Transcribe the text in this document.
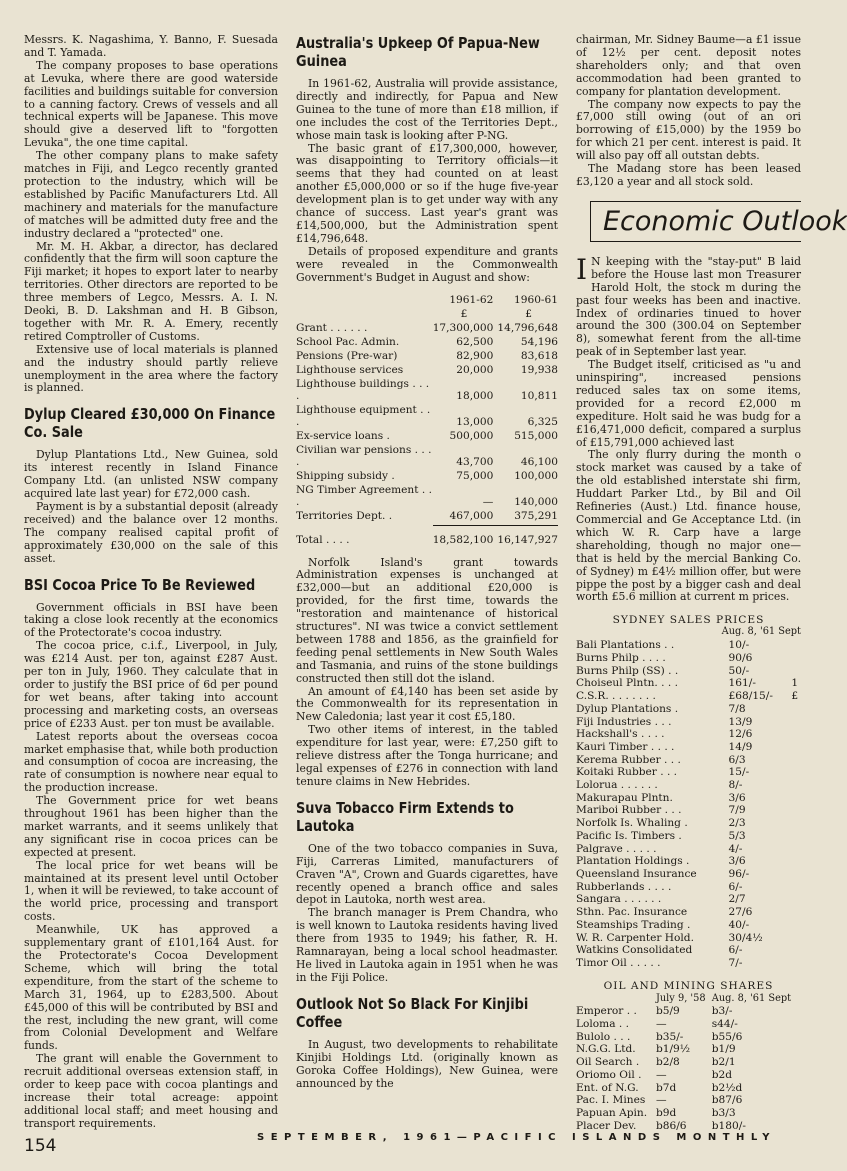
Messrs. K. Nagashima, Y. Banno, F. Suesada and T. Yamada.

The company proposes to base operations at Levuka, where there are good waterside facilities and buildings suitable for conversion to a canning factory. Crews of vessels and all technical experts will be Japanese. This move should give a deserved lift to "forgotten Levuka", the one time capital.

The other company plans to make safety matches in Fiji, and Legco recently granted protection to the industry, which will be established by Pacific Manufacturers Ltd. All machinery and materials for the manufacture of matches will be admitted duty free and the industry declared a "protected" one.

Mr. M. H. Akbar, a director, has declared confidently that the firm will soon capture the Fiji market; it hopes to export later to nearby territories. Other directors are reported to be three members of Legco, Messrs. A. I. N. Deoki, B. D. Lakshman and H. B Gibson, together with Mr. R. A. Emery, recently retired Comptroller of Customs.

Extensive use of local materials is planned and the industry should partly relieve unemployment in the area where the factory is planned.

Dylup Cleared £30,000 On Finance Co. Sale

Dylup Plantations Ltd., New Guinea, sold its interest recently in Island Finance Company Ltd. (an unlisted NSW company acquired late last year) for £72,000 cash.

Payment is by a substantial deposit (already received) and the balance over 12 months. The company realised capital profit of approximately £30,000 on the sale of this asset.

BSI Cocoa Price To Be Reviewed

Government officials in BSI have been taking a close look recently at the economics of the Protectorate's cocoa industry.

The cocoa price, c.i.f., Liverpool, in July, was £214 Aust. per ton, against £287 Aust. per ton in July, 1960. They calculate that in order to justify the BSI price of 6d per pound for wet beans, after taking into account processing and marketing costs, an overseas price of £233 Aust. per ton must be available.

Latest reports about the overseas cocoa market emphasise that, while both production and consumption of cocoa are increasing, the rate of consumption is nowhere near equal to the production increase.

The Government price for wet beans throughout 1961 has been higher than the market warrants, and it seems unlikely that any significant rise in cocoa prices can be expected at present.

The local price for wet beans will be maintained at its present level until October 1, when it will be reviewed, to take account of the world price, processing and transport costs.

Meanwhile, UK has approved a supplementary grant of £101,164 Aust. for the Protectorate's Cocoa Development Scheme, which will bring the total expenditure, from the start of the scheme to March 31, 1964, up to £283,500. About £45,000 of this will be contributed by BSI and the rest, including the new grant, will come from Colonial Development and Welfare funds.

The grant will enable the Government to recruit additional overseas extension staff, in order to keep pace with cocoa plantings and increase their total acreage: appoint additional local staff; and meet housing and transport requirements.

Australia's Upkeep Of Papua-New Guinea

In 1961-62, Australia will provide assistance, directly and indirectly, for Papua and New Guinea to the tune of more than £18 million, if one includes the cost of the Territories Dept., whose main task is looking after P-NG.

The basic grant of £17,300,000, however, was disappointing to Territory officials—it seems that they had counted on at least another £5,000,000 or so if the huge five-year development plan is to get under way with any chance of success. Last year's grant was £14,500,000, but the Administration spent £14,796,648.

Details of proposed expenditure and grants were revealed in the Commonwealth Government's Budget in August and show:

	1961-62	1960-61
	£	£
Grant . . . . . .	17,300,000	14,796,648
School Pac. Admin.	62,500	54,196
Pensions (Pre-war)	82,900	83,618
Lighthouse services	20,000	19,938
Lighthouse buildings . . . .	18,000	10,811
Lighthouse equipment . . .	13,000	6,325
Ex-service loans .	500,000	515,000
Civilian war pensions . . . .	43,700	46,100
Shipping subsidy .	75,000	100,000
NG Timber Agreement . . .	—	140,000
Territories Dept. .	467,000	375,291

Total . . . .	18,582,100	16,147,927

Norfolk Island's grant towards Administration expenses is unchanged at £32,000—but an additional £20,000 is provided, for the first time, towards the "restoration and maintenance of historical structures". NI was twice a convict settlement between 1788 and 1856, as the grainfield for feeding penal settlements in New South Wales and Tasmania, and ruins of the stone buildings constructed then still dot the island.

An amount of £4,140 has been set aside by the Commonwealth for its representation in New Caledonia; last year it cost £5,180.

Two other items of interest, in the tabled expenditure for last year, were: £7,250 gift to relieve distress after the Tonga hurricane; and legal expenses of £276 in connection with land tenure claims in New Hebrides.

Suva Tobacco Firm Extends to Lautoka

One of the two tobacco companies in Suva, Fiji, Carreras Limited, manufacturers of Craven "A", Crown and Guards cigarettes, have recently opened a branch office and sales depot in Lautoka, north west area.

The branch manager is Prem Chandra, who is well known to Lautoka residents having lived there from 1935 to 1949; his father, R. H. Ramnarayan, being a local school headmaster. He lived in Lautoka again in 1951 when he was in the Fiji Police.

Outlook Not So Black For Kinjibi Coffee

In August, two developments to rehabilitate Kinjibi Holdings Ltd. (originally known as Goroka Coffee Holdings), New Guinea, were announced by the

chairman, Mr. Sidney Baume—a £1 issue of 12½ per cent. deposit notes shareholders only; and that oven accommodation had been granted to company for plantation development.

The company now expects to pay the £7,000 still owing (out of an ori borrowing of £15,000) by the 1959 bo for which 21 per cent. interest is paid. It will also pay off all outstan debts.

The Madang store has been leased £3,120 a year and all stock sold.

Economic Outlook

I N keeping with the "stay-put" B laid before the House last mon Treasurer Harold Holt, the stock m during the past four weeks has been and inactive. Index of ordinaries tinued to hover around the 300 (300.04 on September 8), somewhat ferent from the all-time peak of in September last year.

The Budget itself, criticised as "u and uninspiring", increased pensions reduced sales tax on some items, provided for a record £2,000 m expediture. Holt said he was budg for a £16,471,000 deficit, compared a surplus of £15,791,000 achieved last

The only flurry during the month o stock market was caused by a take of the old established interstate shi firm, Huddart Parker Ltd., by Bil and Oil Refineries (Aust.) Ltd. finance house, Commercial and Ge Acceptance Ltd. (in which W. R. Carp have a large shareholding, though no major one—that is held by the mercial Banking Co. of Sydney) m £4½ million offer, but were pippe the post by a bigger cash and deal worth £5.6 million at current m prices.

SYDNEY SALES PRICES
Aug. 8, '61 Sept
Bali Plantations . .	10/-	
Burns Philp . . . .	90/6	
Burns Philp (SS) . .	50/-	
Choiseul Plntn. . . .	161/-	1
C.S.R. . . . . . . .	£68/15/-	£
Dylup Plantations .	7/8	
Fiji Industries . . .	13/9	
Hackshall's . . . .	12/6	
Kauri Timber . . . .	14/9	
Kerema Rubber . . .	6/3	
Koitaki Rubber . . .	15/-	
Lolorua . . . . . .	8/-	
Makurapau Plntn.	3/6	
Mariboi Rubber . . .	7/9	
Norfolk Is. Whaling .	2/3	
Pacific Is. Timbers .	5/3	
Palgrave . . . . .	4/-	
Plantation Holdings .	3/6	
Queensland Insurance	96/-	
Rubberlands . . . .	6/-	
Sangara . . . . . .	2/7	
Sthn. Pac. Insurance	27/6	
Steamships Trading .	40/-	
W. R. Carpenter Hold.	30/4½	
Watkins Consolidated	6/-	
Timor Oil . . . . .	7/-	
OIL AND MINING SHARES
	July 9, '58	Aug. 8, '61 Sept
Emperor . .	b5/9	b3/-
Loloma . .	—	s44/-
Bulolo . . .	b35/-	b55/6
N.G.G. Ltd.	b1/9½	b1/9
Oil Search .	b2/8	b2/1
Oriomo Oil .	—	b2d
Ent. of N.G.	b7d	b2½d
Pac. I. Mines	—	b87/6
Papuan Apin.	b9d	b3/3
Placer Dev.	b86/6	b180/-
154	SEPTEMBER, 1961—PACIFIC ISLANDS MONTHLY
